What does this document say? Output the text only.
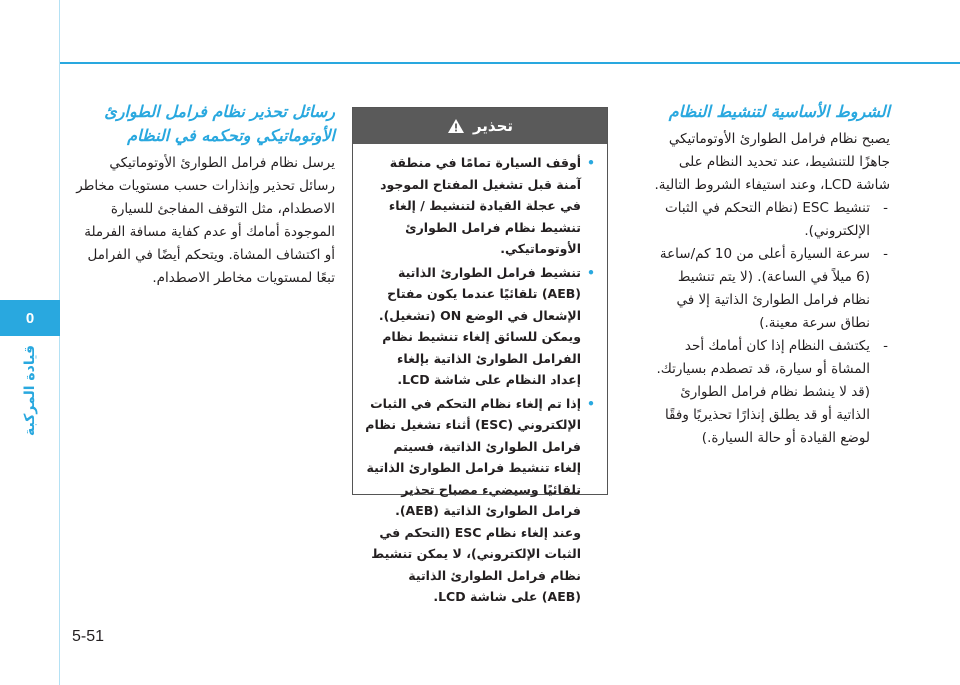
0
قيادة المركبة
الشروط الأساسية لتنشيط النظام

يصبح نظام فرامل الطوارئ الأوتوماتيكي جاهزًا للتنشيط، عند تحديد النظام على شاشة LCD، وعند استيفاء الشروط التالية.

- تنشيط ESC (نظام التحكم في الثبات الإلكتروني).
- سرعة السيارة أعلى من 10 كم/ساعة (6 ميلاً في الساعة). (لا يتم تنشيط نظام فرامل الطوارئ الذاتية إلا في نطاق سرعة معينة.)
- يكتشف النظام إذا كان أمامك أحد المشاة أو سيارة، قد تصطدم بسيارتك. (قد لا ينشط نظام فرامل الطوارئ الذاتية أو قد يطلق إنذارًا تحذيريًا وفقًا لوضع القيادة أو حالة السيارة.)
تحذير
• أوقف السيارة تمامًا في منطقة آمنة قبل تشغيل المفتاح الموجود في عجلة القيادة لتنشيط / إلغاء تنشيط نظام فرامل الطوارئ الأوتوماتيكي.
• تنشيط فرامل الطوارئ الذاتية (AEB) تلقائيًا عندما يكون مفتاح الإشعال في الوضع ON (تشغيل). ويمكن للسائق إلغاء تنشيط نظام الفرامل الطوارئ الذاتية بإلغاء إعداد النظام على شاشة LCD.
• إذا تم إلغاء نظام التحكم في الثبات الإلكتروني (ESC) أثناء تشغيل نظام فرامل الطوارئ الذاتية، فسيتم إلغاء تنشيط فرامل الطوارئ الذاتية تلقائيًا وسيضيء مصباح تحذير فرامل الطوارئ الذاتية (AEB). وعند إلغاء نظام ESC (التحكم في الثبات الإلكتروني)، لا يمكن تنشيط نظام فرامل الطوارئ الذاتية (AEB) على شاشة LCD.
رسائل تحذير نظام فرامل الطوارئ الأوتوماتيكي وتحكمه في النظام

يرسل نظام فرامل الطوارئ الأوتوماتيكي رسائل تحذير وإنذارات حسب مستويات مخاطر الاصطدام، مثل التوقف المفاجئ للسيارة الموجودة أمامك أو عدم كفاية مسافة الفرملة أو اكتشاف المشاة. ويتحكم أيضًا في الفرامل تبعًا لمستويات مخاطر الاصطدام.

5-51
